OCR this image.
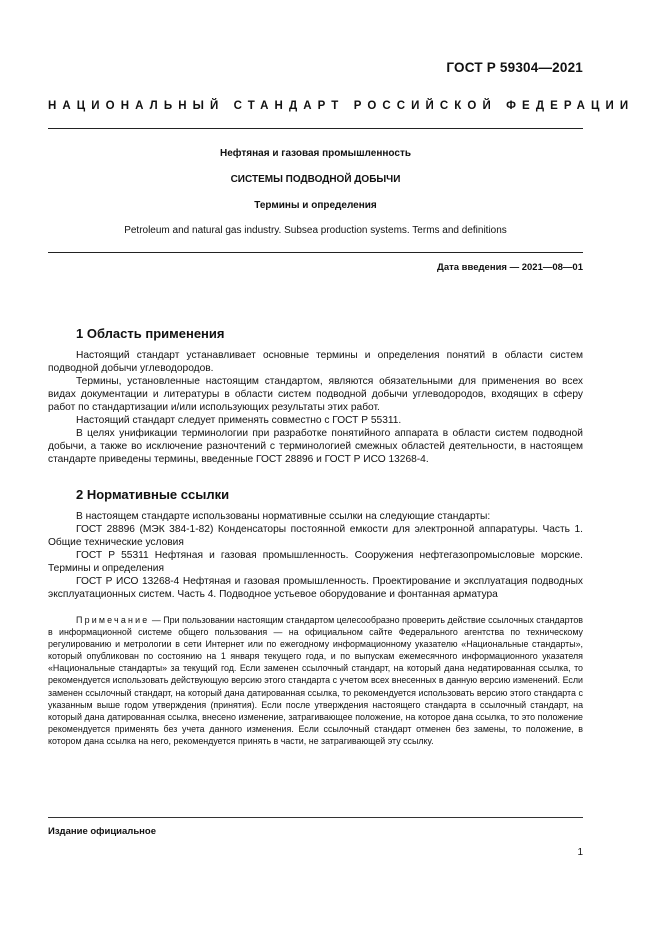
ГОСТ Р 59304—2021
НАЦИОНАЛЬНЫЙ СТАНДАРТ РОССИЙСКОЙ ФЕДЕРАЦИИ
Нефтяная и газовая промышленность
СИСТЕМЫ ПОДВОДНОЙ ДОБЫЧИ
Термины и определения
Petroleum and natural gas industry. Subsea production systems. Terms and definitions
Дата введения — 2021—08—01
1 Область применения

Настоящий стандарт устанавливает основные термины и определения понятий в области систем подводной добычи углеводородов.

Термины, установленные настоящим стандартом, являются обязательными для применения во всех видах документации и литературы в области систем подводной добычи углеводородов, входящих в сферу работ по стандартизации и/или использующих результаты этих работ.

Настоящий стандарт следует применять совместно с ГОСТ Р 55311.

В целях унификации терминологии при разработке понятийного аппарата в области систем подводной добычи, а также во исключение разночтений с терминологией смежных областей деятельности, в настоящем стандарте приведены термины, введенные ГОСТ 28896 и ГОСТ Р ИСО 13268-4.

2 Нормативные ссылки

В настоящем стандарте использованы нормативные ссылки на следующие стандарты:

ГОСТ 28896 (МЭК 384-1-82) Конденсаторы постоянной емкости для электронной аппаратуры. Часть 1. Общие технические условия

ГОСТ Р 55311 Нефтяная и газовая промышленность. Сооружения нефтегазопромысловые морские. Термины и определения

ГОСТ Р ИСО 13268-4 Нефтяная и газовая промышленность. Проектирование и эксплуатация подводных эксплуатационных систем. Часть 4. Подводное устьевое оборудование и фонтанная арматура

Примечание — При пользовании настоящим стандартом целесообразно проверить действие ссылочных стандартов в информационной системе общего пользования — на официальном сайте Федерального агентства по техническому регулированию и метрологии в сети Интернет или по ежегодному информационному указателю «Национальные стандарты», который опубликован по состоянию на 1 января текущего года, и по выпускам ежемесячного информационного указателя «Национальные стандарты» за текущий год. Если заменен ссылочный стандарт, на который дана недатированная ссылка, то рекомендуется использовать действующую версию этого стандарта с учетом всех внесенных в данную версию изменений. Если заменен ссылочный стандарт, на который дана датированная ссылка, то рекомендуется использовать версию этого стандарта с указанным выше годом утверждения (принятия). Если после утверждения настоящего стандарта в ссылочный стандарт, на который дана датированная ссылка, внесено изменение, затрагивающее положение, на которое дана ссылка, то это положение рекомендуется применять без учета данного изменения. Если ссылочный стандарт отменен без замены, то положение, в котором дана ссылка на него, рекомендуется принять в части, не затрагивающей эту ссылку.

Издание официальное
1
